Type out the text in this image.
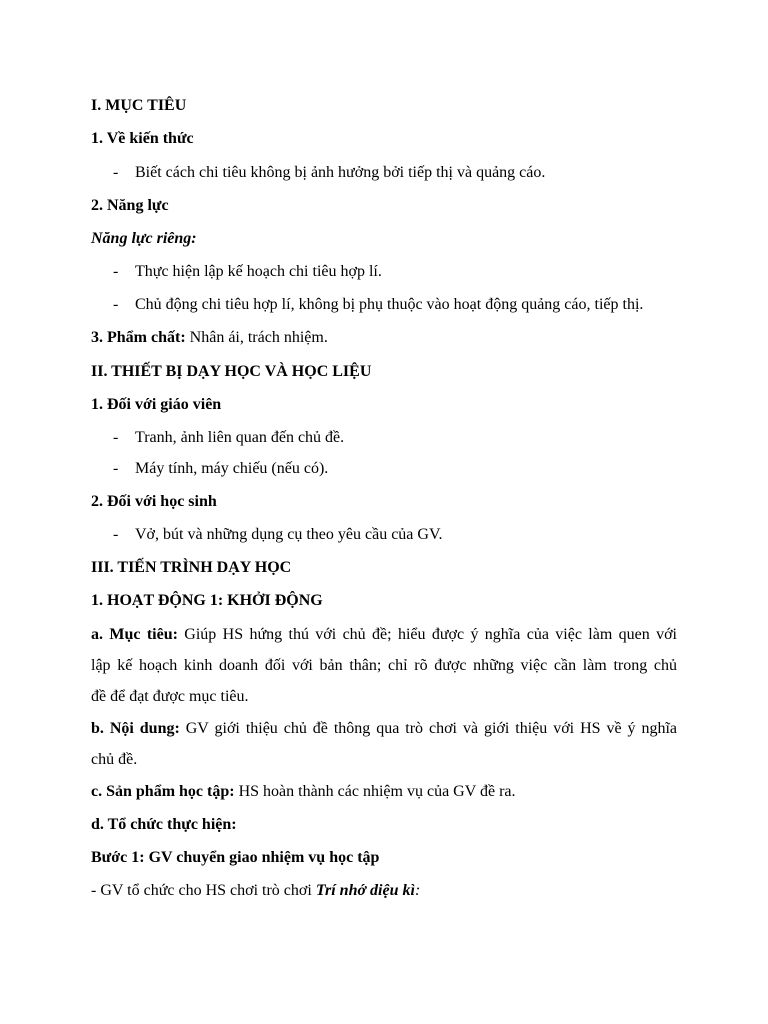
I. MỤC TIÊU
1. Về kiến thức
- Biết cách chi tiêu không bị ảnh hưởng bởi tiếp thị và quảng cáo.
2. Năng lực
Năng lực riêng:
- Thực hiện lập kế hoạch chi tiêu hợp lí.
- Chủ động chi tiêu hợp lí, không bị phụ thuộc vào hoạt động quảng cáo, tiếp thị.
3. Phẩm chất: Nhân ái, trách nhiệm.
II. THIẾT BỊ DẠY HỌC VÀ HỌC LIỆU
1. Đối với giáo viên
- Tranh, ảnh liên quan đến chủ đề.
- Máy tính, máy chiếu (nếu có).
2. Đối với học sinh
- Vở, bút và những dụng cụ theo yêu cầu của GV.
III. TIẾN TRÌNH DẠY HỌC
1. HOẠT ĐỘNG 1: KHỞI ĐỘNG
a. Mục tiêu: Giúp HS hứng thú với chủ đề; hiểu được ý nghĩa của việc làm quen với
lập kế hoạch kinh doanh đối với bản thân; chỉ rõ được những việc cần làm trong chủ
đề để đạt được mục tiêu.
b. Nội dung: GV giới thiệu chủ đề thông qua trò chơi và giới thiệu với HS về ý nghĩa
chủ đề.
c. Sản phẩm học tập: HS hoàn thành các nhiệm vụ của GV đề ra.
d. Tổ chức thực hiện:
Bước 1: GV chuyển giao nhiệm vụ học tập
- GV tổ chức cho HS chơi trò chơi Trí nhớ diệu kì:
